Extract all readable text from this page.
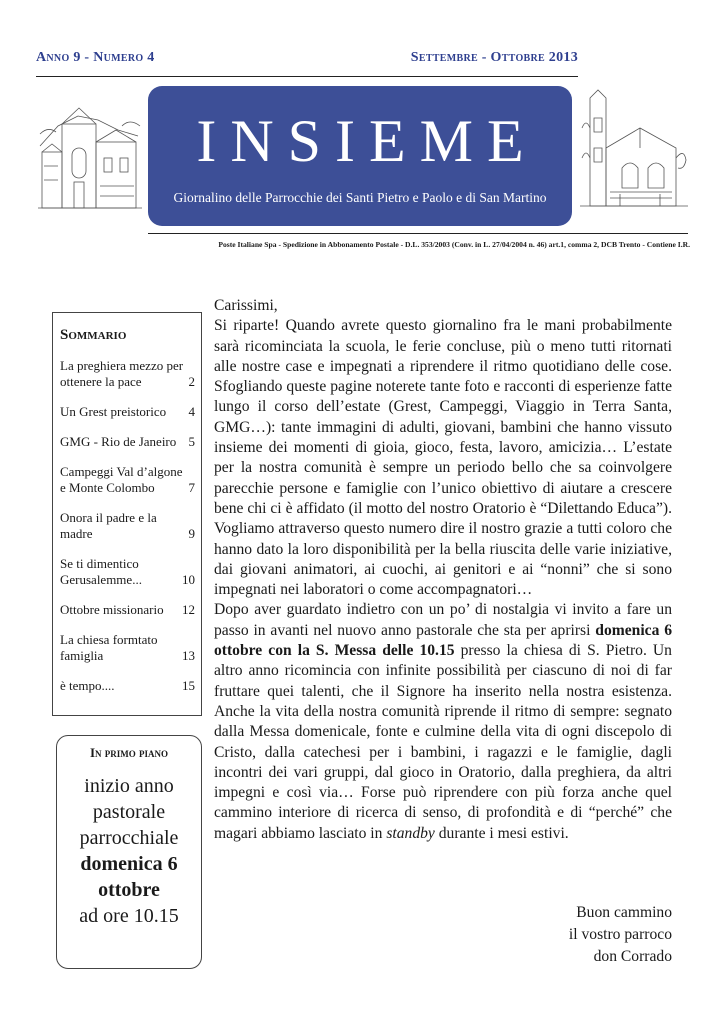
Anno 9 - Numero 4	Settembre - Ottobre 2013
INSIEME
Giornalino delle Parrocchie dei Santi Pietro e Paolo e di San Martino
Poste Italiane Spa - Spedizione in Abbonamento Postale - D.L. 353/2003 (Conv. in L. 27/04/2004 n. 46) art.1, comma 2, DCB Trento - Contiene I.R.
Sommario
La preghiera mezzo per ottenere la pace	2
Un Grest preistorico	4
GMG - Rio de Janeiro 5
Campeggi Val d’algone e Monte Colombo	7
Onora il padre e la madre	9
Se ti dimentico Gerusalemme...	10
Ottobre missionario	12
La chiesa formtato famiglia	13
è tempo....	15
In primo piano
inizio anno
pastorale
parrocchiale
domenica 6
ottobre
ad ore 10.15

Carissimi,

Si riparte! Quando avrete questo giornalino fra le mani probabilmente sarà ricominciata la scuola, le ferie concluse, più o meno tutti ritornati alle nostre case e impegnati a riprendere il ritmo quotidiano delle cose. Sfogliando queste pagine noterete tante foto e racconti di esperienze fatte lungo il corso dell’estate (Grest, Campeggi, Viaggio in Terra Santa, GMG…): tante immagini di adulti, giovani, bambini che hanno vissuto insieme dei momenti di gioia, gioco, festa, lavoro, amicizia… L’estate per la nostra comunità è sempre un periodo bello che sa coinvolgere parecchie persone e famiglie con l’unico obiettivo di aiutare a crescere bene chi ci è affidato (il motto del nostro Oratorio è “Dilettando Educa”). Vogliamo attraverso questo numero dire il nostro grazie a tutti coloro che hanno dato la loro disponibilità per la bella riuscita delle varie iniziative, dai giovani animatori, ai cuochi, ai genitori e ai “nonni” che si sono impegnati nei laboratori o come accompagnatori…

Dopo aver guardato indietro con un po’ di nostalgia vi invito a fare un passo in avanti nel nuovo anno pastorale che sta per aprirsi domenica 6 ottobre con la S. Messa delle 10.15 presso la chiesa di S. Pietro. Un altro anno ricomincia con infinite possibilità per ciascuno di noi di far fruttare quei talenti, che il Signore ha inserito nella nostra esistenza. Anche la vita della nostra comunità riprende il ritmo di sempre: segnato dalla Messa domenicale, fonte e culmine della vita di ogni discepolo di Cristo, dalla catechesi per i bambini, i ragazzi e le famiglie, dagli incontri dei vari gruppi, dal gioco in Oratorio, dalla preghiera, da altri impegni e così via… Forse può riprendere con più forza anche quel cammino interiore di ricerca di senso, di profondità e di “perché” che magari abbiamo lasciato in standby durante i mesi estivi.

Buon cammino
il vostro parroco
don Corrado
